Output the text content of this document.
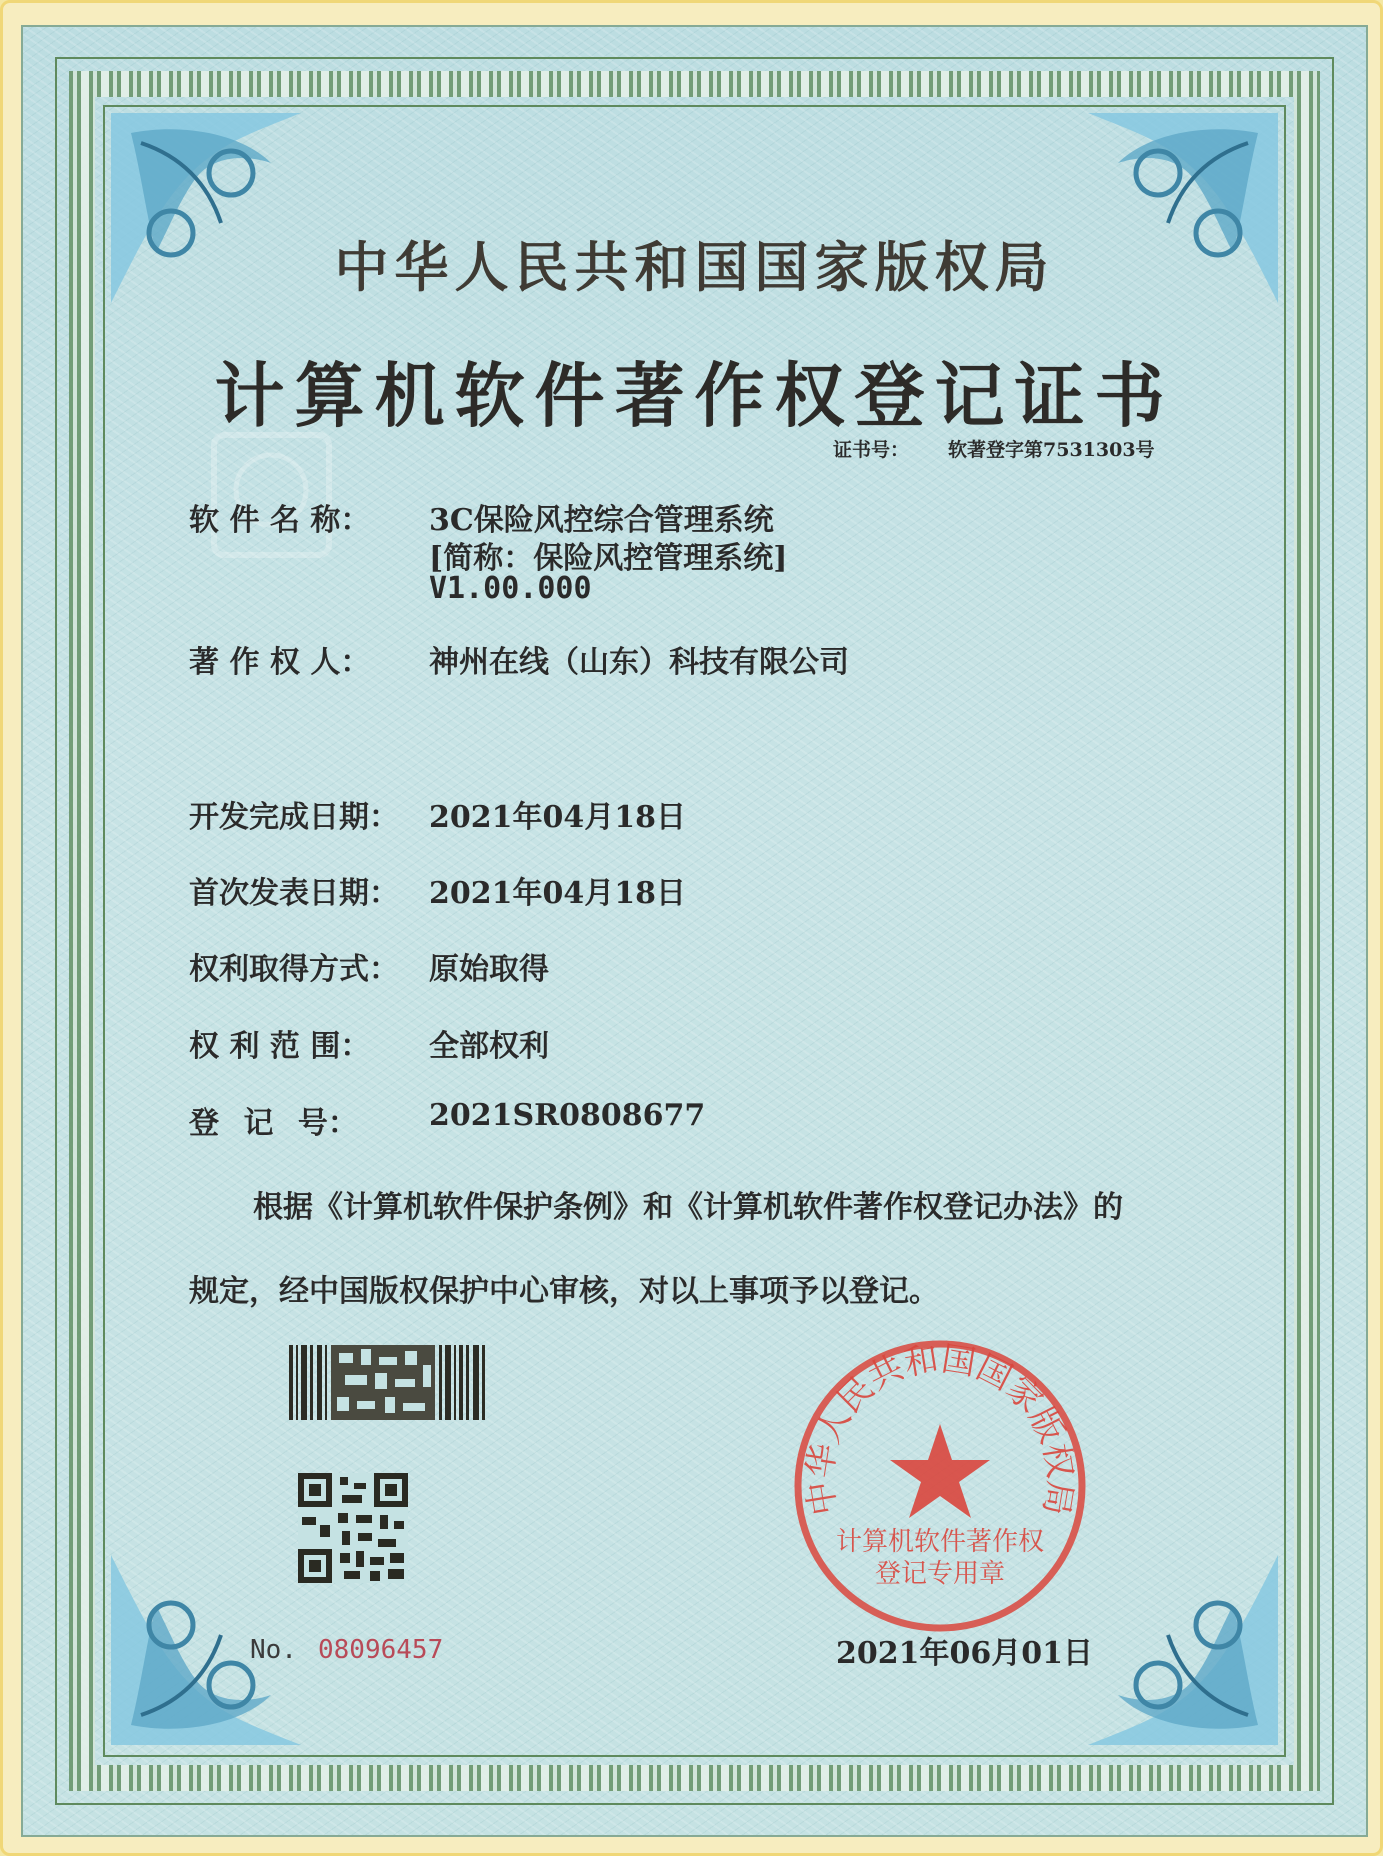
中华人民共和国国家版权局
计算机软件著作权登记证书
证书号： 软著登字第7531303号
软 件 名 称： 3C保险风控综合管理系统
[简称：保险风控管理系统]
V1.00.000
著 作 权 人： 神州在线（山东）科技有限公司
开发完成日期： 2021年04月18日
首次发表日期： 2021年04月18日
权利取得方式： 原始取得
权 利 范 围： 全部权利
登 记 号： 2021SR0808677
根据《计算机软件保护条例》和《计算机软件著作权登记办法》的
规定，经中国版权保护中心审核，对以上事项予以登记。
No. 08096457
中华人民共和国国家版权局
计算机软件著作权
登记专用章
2021年06月01日
